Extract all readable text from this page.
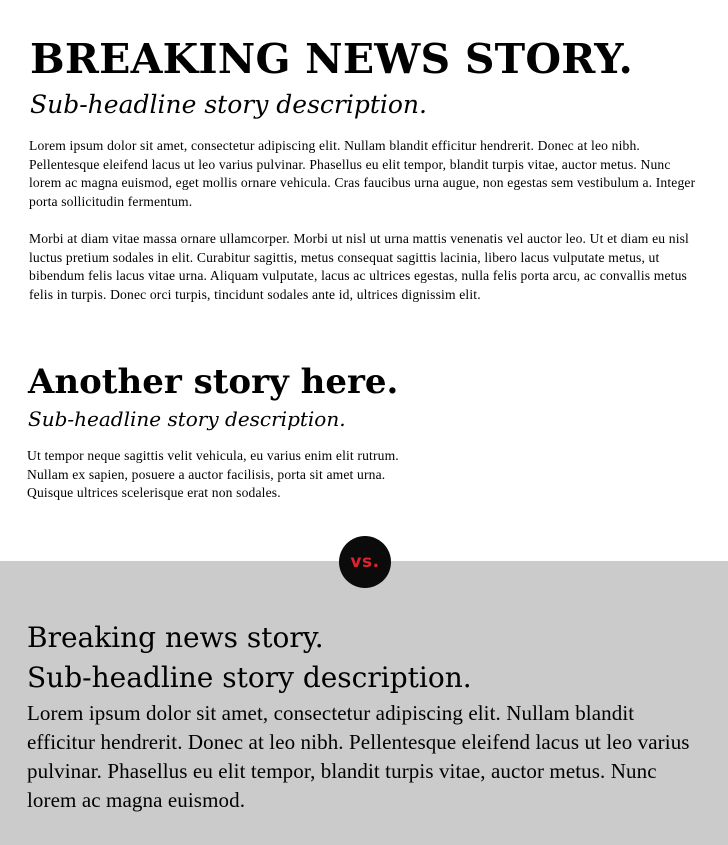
BREAKING NEWS STORY.
Sub-headline story description.

Lorem ipsum dolor sit amet, consectetur adipiscing elit. Nullam blandit efficitur hendrerit. Donec at leo nibh. Pellentesque eleifend lacus ut leo varius pulvinar. Phasellus eu elit tempor, blandit turpis vitae, auctor metus. Nunc lorem ac magna euismod, eget mollis ornare vehicula. Cras faucibus urna augue, non egestas sem vestibulum a. Integer porta sollicitudin fermentum.

Morbi at diam vitae massa ornare ullamcorper. Morbi ut nisl ut urna mattis venenatis vel auctor leo. Ut et diam eu nisl luctus pretium sodales in elit. Curabitur sagittis, metus consequat sagittis lacinia, libero lacus vulputate metus, ut bibendum felis lacus vitae urna. Aliquam vulputate, lacus ac ultrices egestas, nulla felis porta arcu, ac convallis metus felis in turpis. Donec orci turpis, tincidunt sodales ante id, ultrices dignissim elit.

Another story here.
Sub-headline story description.

Ut tempor neque sagittis velit vehicula, eu varius enim elit rutrum. Nullam ex sapien, posuere a auctor facilisis, porta sit amet urna. Quisque ultrices scelerisque erat non sodales.

vs.
Breaking news story.
Sub-headline story description.

Lorem ipsum dolor sit amet, consectetur adipiscing elit. Nullam blandit efficitur hendrerit. Donec at leo nibh. Pellentesque eleifend lacus ut leo varius pulvinar. Phasellus eu elit tempor, blandit turpis vitae, auctor metus. Nunc lorem ac magna euismod.
